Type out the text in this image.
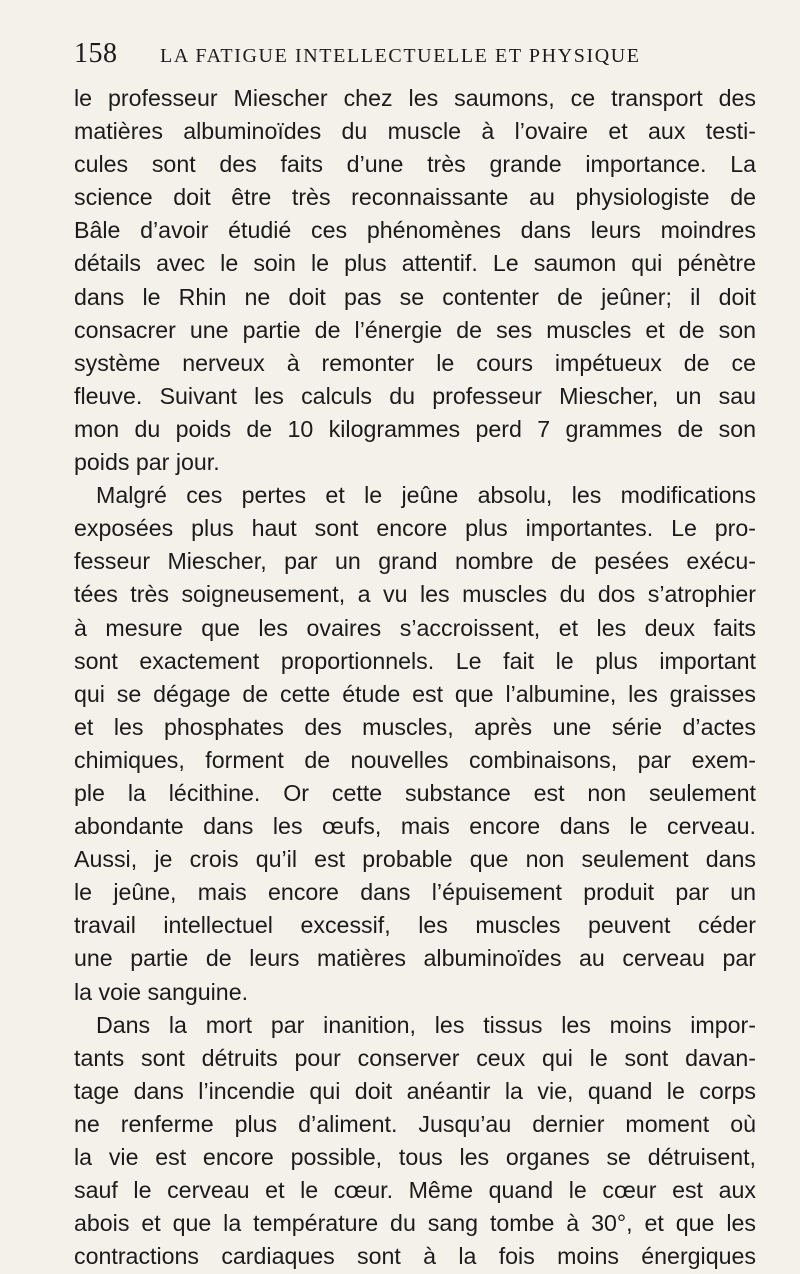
158	LA FATIGUE INTELLECTUELLE ET PHYSIQUE
le professeur Miescher chez les saumons, ce transport des
matières albuminoïdes du muscle à l’ovaire et aux testi-
cules sont des faits d’une très grande importance. La
science doit être très reconnaissante au physiologiste de
Bâle d’avoir étudié ces phénomènes dans leurs moindres
détails avec le soin le plus attentif. Le saumon qui pénètre
dans le Rhin ne doit pas se contenter de jeûner; il doit
consacrer une partie de l’énergie de ses muscles et de son
système nerveux à remonter le cours impétueux de ce
fleuve. Suivant les calculs du professeur Miescher, un sau
mon du poids de 10 kilogrammes perd 7 grammes de son
poids par jour.
Malgré ces pertes et le jeûne absolu, les modifications
exposées plus haut sont encore plus importantes. Le pro-
fesseur Miescher, par un grand nombre de pesées exécu-
tées très soigneusement, a vu les muscles du dos s’atrophier
à mesure que les ovaires s’accroissent, et les deux faits
sont exactement proportionnels. Le fait le plus important
qui se dégage de cette étude est que l’albumine, les graisses
et les phosphates des muscles, après une série d’actes
chimiques, forment de nouvelles combinaisons, par exem-
ple la lécithine. Or cette substance est non seulement
abondante dans les œufs, mais encore dans le cerveau.
Aussi, je crois qu’il est probable que non seulement dans
le jeûne, mais encore dans l’épuisement produit par un
travail intellectuel excessif, les muscles peuvent céder
une partie de leurs matières albuminoïdes au cerveau par
la voie sanguine.
Dans la mort par inanition, les tissus les moins impor-
tants sont détruits pour conserver ceux qui le sont davan-
tage dans l’incendie qui doit anéantir la vie, quand le corps
ne renferme plus d’aliment. Jusqu’au dernier moment où
la vie est encore possible, tous les organes se détruisent,
sauf le cerveau et le cœur. Même quand le cœur est aux
abois et que la température du sang tombe à 30°, et que les
contractions cardiaques sont à la fois moins énergiques
